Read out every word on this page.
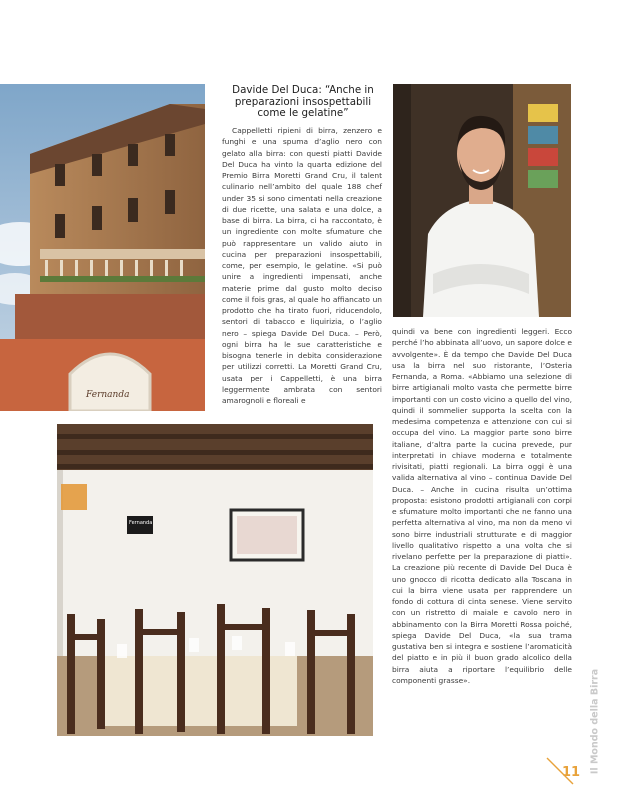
Fernanda
Davide Del Duca: “Anche in preparazioni insospettabili come le gelatine”

Cappelletti ripieni di birra, zenzero e funghi e una spuma d’aglio nero con gelato alla birra: con questi piatti Davide Del Duca ha vinto la quarta edizione del Premio Birra Moretti Grand Cru, il talent culinario nell’ambito del quale 188 chef under 35 si sono cimentati nella creazione di due ricette, una salata e una dolce, a base di birra. La birra, ci ha raccontato, è un ingrediente con molte sfumature che può rappresentare un valido aiuto in cucina per preparazioni insospettabili, come, per esempio, le gelatine. «Si può unire a ingredienti impensati, anche materie prime dal gusto molto deciso come il fois gras, al quale ho affiancato un prodotto che ha tirato fuori, riducendolo, sentori di tabacco e liquirizia, o l’aglio nero – spiega Davide Del Duca. – Però, ogni birra ha le sue caratteristiche e bisogna tenerle in debita considerazione per utilizzi corretti. La Moretti Grand Cru, usata per i Cappelletti, è una birra leggermente ambrata con sentori amarognoli e floreali e

quindi va bene con ingredienti leggeri. Ecco perché l’ho abbinata all’uovo, un sapore dolce e avvolgente». È da tempo che Davide Del Duca usa la birra nel suo ristorante, l’Osteria Fernanda, a Roma. «Abbiamo una selezione di birre artigianali molto vasta che permette birre importanti con un costo vicino a quello del vino, quindi il sommelier supporta la scelta con la medesima competenza e attenzione con cui si occupa del vino. La maggior parte sono birre italiane, d’altra parte la cucina prevede, pur interpretati in chiave moderna e totalmente rivisitati, piatti regionali. La birra oggi è una valida alternativa al vino – continua Davide Del Duca. – Anche in cucina risulta un’ottima proposta: esistono prodotti artigianali con corpi e sfumature molto importanti che ne fanno una perfetta alternativa al vino, ma non da meno vi sono birre industriali strutturate e di maggior livello qualitativo rispetto a una volta che si rivelano perfette per la preparazione di piatti». La creazione più recente di Davide Del Duca è uno gnocco di ricotta dedicato alla Toscana in cui la birra viene usata per rapprendere un fondo di cottura di cinta senese. Viene servito con un ristretto di maiale e cavolo nero in abbinamento con la Birra Moretti Rossa poiché, spiega Davide Del Duca, «la sua trama gustativa ben si integra e sostiene l’aromaticità del piatto e in più il buon grado alcolico della birra aiuta a riportare l’equilibrio delle componenti grasse».

Fernanda
Il Mondo della Birra
11
